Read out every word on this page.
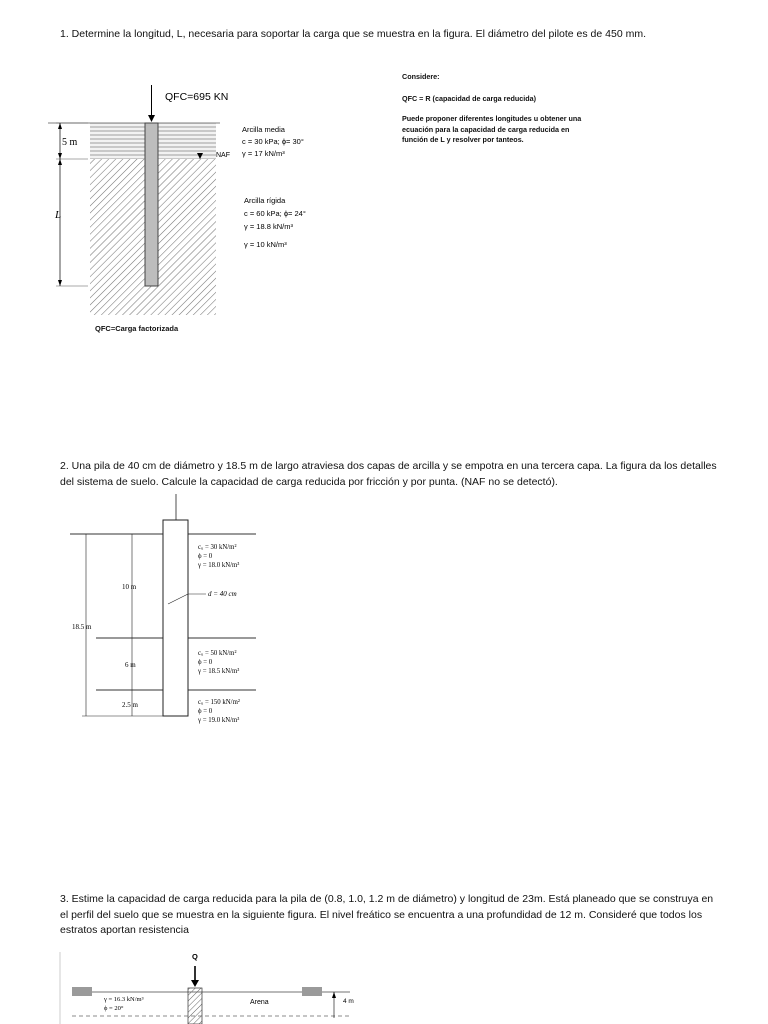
1. Determine la longitud, L, necesaria para soportar la carga que se muestra en la figura. El diámetro del pilote es de 450 mm.

QFC=695 KN
5 m
L
NAF
Arcilla media
c = 30 kPa; ϕ= 30°
γ = 17 kN/m³
Arcilla rígida
c = 60 kPa; ϕ= 24°
γ = 18.8 kN/m³
γ = 10 kN/m³
QFC=Carga factorizada
Considere:
QFC = R (capacidad de carga reducida)
Puede proponer diferentes longitudes u obtener una ecuación para la capacidad de carga reducida en función de L y resolver por tanteos.

2. Una pila de 40 cm de diámetro y 18.5 m de largo atraviesa dos capas de arcilla y se empotra en una tercera capa. La figura da los detalles del sistema de suelo. Calcule la capacidad de carga reducida por fricción y por punta. (NAF no se detectó).

18.5 m
10 m
6 m
2.5 m
d = 40 cm
cᵤ = 30 kN/m²
ϕ = 0
γ = 18.0 kN/m³
cᵤ = 50 kN/m²
ϕ = 0
γ = 18.5 kN/m³
cᵤ = 150 kN/m²
ϕ = 0
γ = 19.0 kN/m³

3. Estime la capacidad de carga reducida para la pila de (0.8, 1.0, 1.2 m de diámetro) y longitud de 23m. Está planeado que se construya en el perfil del suelo que se muestra en la siguiente figura. El nivel freático se encuentra a una profundidad de 12 m. Consideré que todos los estratos aportan resistencia

Q
γ = 16.3 kN/m³
ϕ = 20°
Arena	4 m
